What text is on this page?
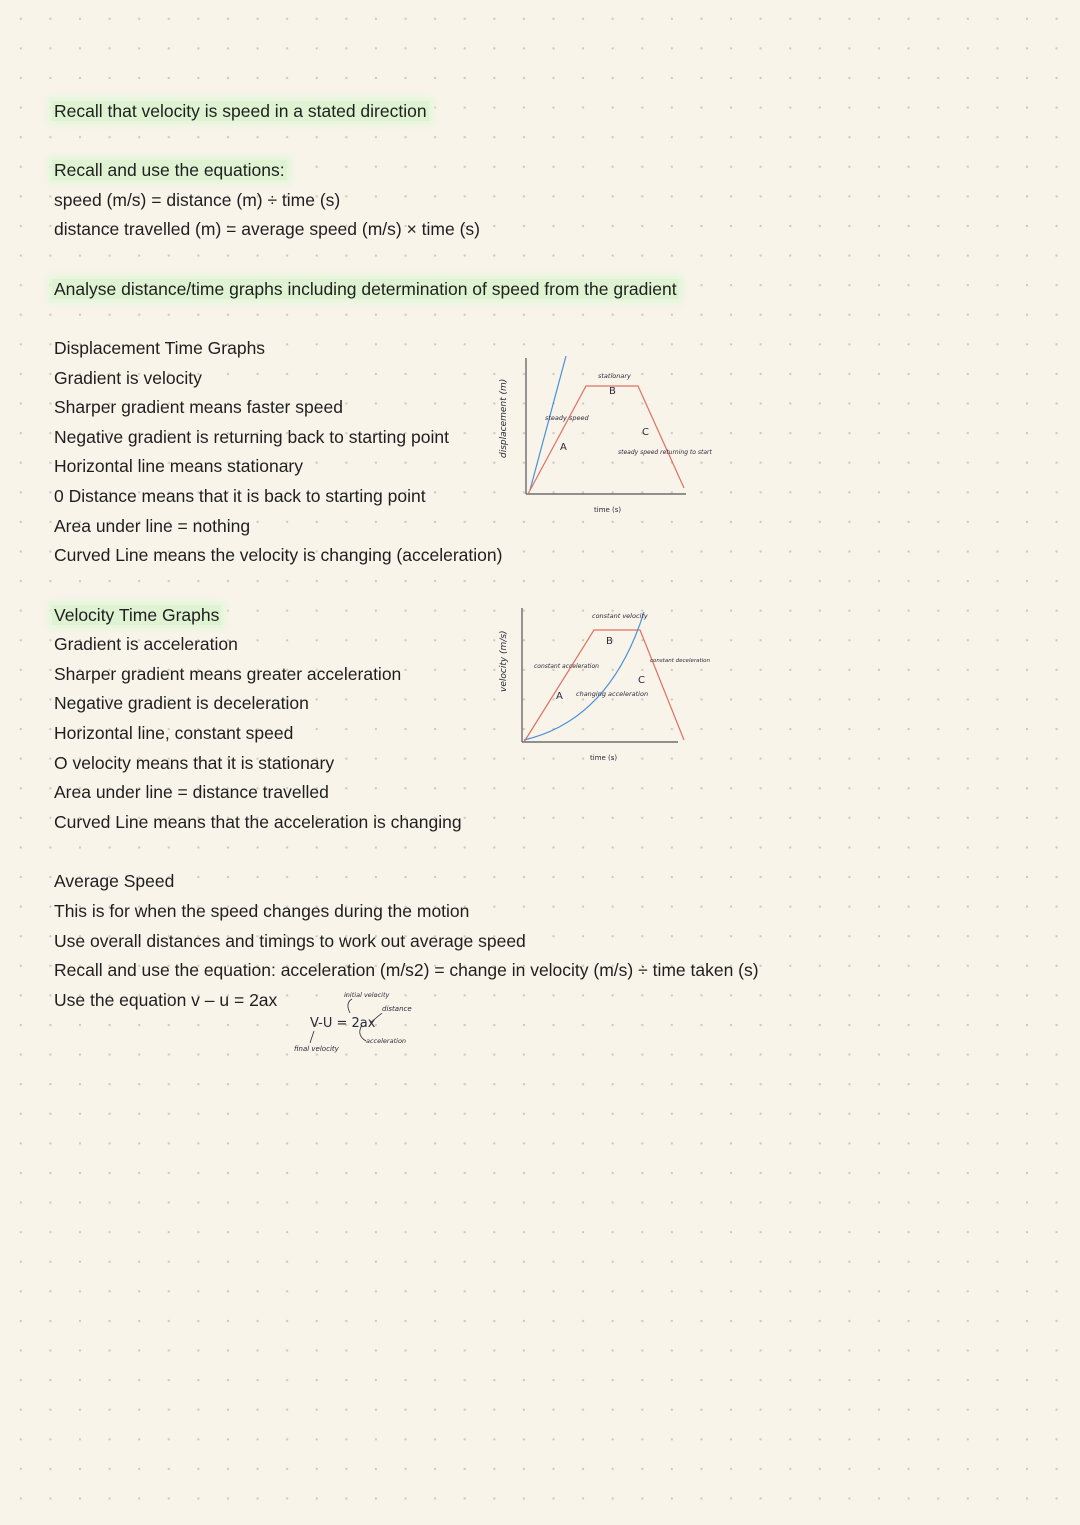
Recall that velocity is speed in a stated direction
Recall and use the equations:
speed (m/s) = distance (m) ÷ time (s)
distance travelled (m) = average speed (m/s) × time (s)
Analyse distance/time graphs including determination of speed from the gradient
Displacement Time Graphs
Gradient is velocity
Sharper gradient means faster speed
Negative gradient is returning back to starting point
Horizontal line means stationary
0 Distance means that it is back to starting point
Area under line = nothing
Curved Line means the velocity is changing (acceleration)
Velocity Time Graphs
Gradient is acceleration
Sharper gradient means greater acceleration
Negative gradient is deceleration
Horizontal line, constant speed
O velocity means that it is stationary
Area under line = distance travelled
Curved Line means that the acceleration is changing
Average Speed
This is for when the speed changes during the motion
Use overall distances and timings to work out average speed
Recall and use the equation: acceleration (m/s2) = change in velocity (m/s) ÷ time taken (s)
Use the equation v – u = 2ax
displacement (m)
time (s)
steady speed
stationary
steady speed returning to start
A
B
C
velocity (m/s)
time (s)
constant acceleration
constant velocity
changing acceleration
constant deceleration
A
B
C
V-U = 2ax
initial velocity
distance
acceleration
final velocity
